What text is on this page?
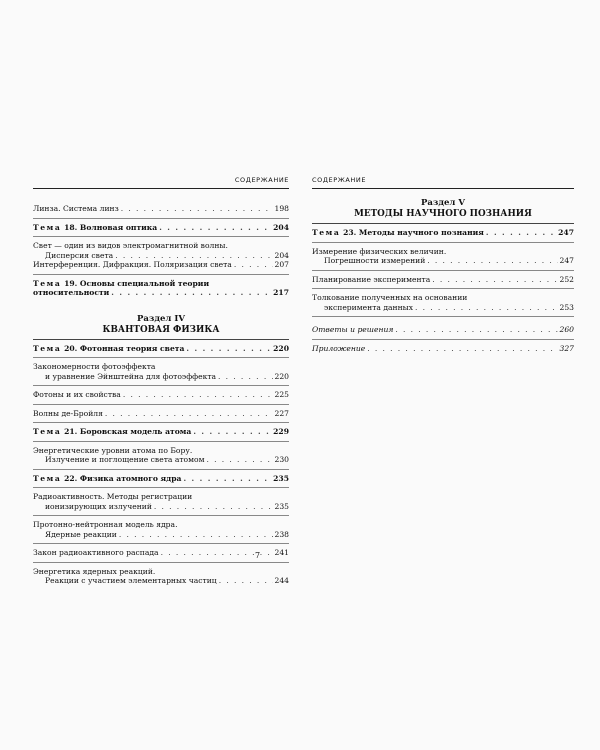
СОДЕРЖАНИЕ
Линза. Система линз . . .	198
Тема 18. Волновая оптика . . .	204
Свет — один из видов электромагнитной волны.
Дисперсия света . . .	204
Интерференция. Дифракция. Поляризация света . . .	207
Тема 19. Основы специальной теории
относительности . . .	217
Раздел IV
КВАНТОВАЯ ФИЗИКА
Тема 20. Фотонная теория света . . .	220
Закономерности фотоэффекта
и уравнение Эйнштейна для фотоэффекта . . .	220
Фотоны и их свойства . . .	225
Волны де-Бройля . . .	227
Тема 21. Боровская модель атома . . .	229
Энергетические уровни атома по Бору.
Излучение и поглощение света атомом . . .	230
Тема 22. Физика атомного ядра . . .	235
Радиоактивность. Методы регистрации
ионизирующих излучений . . .	235
Протонно-нейтронная модель ядра.
Ядерные реакции . . .	238
Закон радиоактивного распада . . .	241
Энергетика ядерных реакций.
Реакции с участием элементарных частиц . . .	244
7
СОДЕРЖАНИЕ
Раздел V
МЕТОДЫ НАУЧНОГО ПОЗНАНИЯ
Тема 23. Методы научного познания . . .	247
Измерение физических величин.
Погрешности измерений . . .	247
Планирование эксперимента . . .	252
Толкование полученных на основании
эксперимента данных . . .	253
Ответы и решения . . .	260
Приложение . . .	327
